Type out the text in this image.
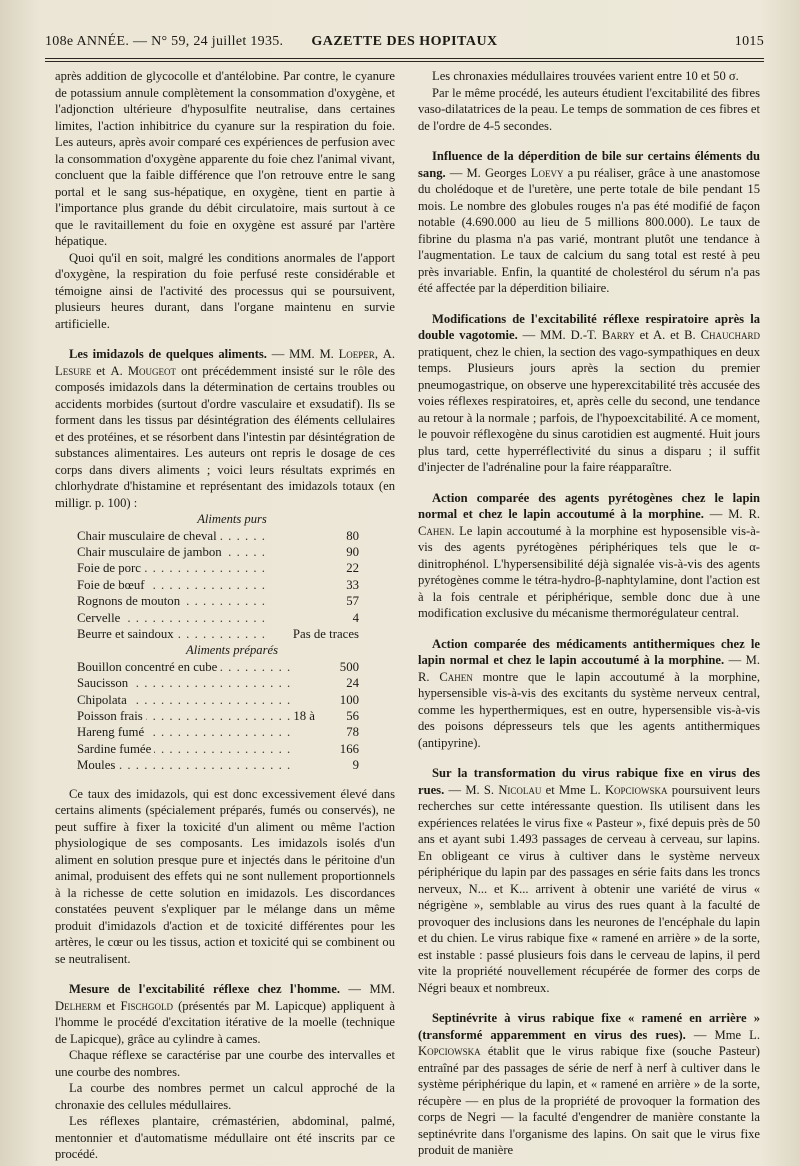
108e ANNÉE. — N° 59, 24 juillet 1935.	GAZETTE DES HOPITAUX	1015

après addition de glycocolle et d'antélobine. Par contre, le cyanure de potassium annule complètement la consommation d'oxygène, et l'adjonction ultérieure d'hyposulfite neutralise, dans certaines limites, l'action inhibitrice du cyanure sur la respiration du foie. Les auteurs, après avoir comparé ces expériences de perfusion avec la consommation d'oxygène apparente du foie chez l'animal vivant, concluent que la faible différence que l'on retrouve entre le sang portal et le sang sus-hépatique, en oxygène, tient en partie à l'importance plus grande du débit circulatoire, mais surtout à ce que le ravitaillement du foie en oxygène est assuré par l'artère hépatique.

Quoi qu'il en soit, malgré les conditions anormales de l'apport d'oxygène, la respiration du foie perfusé reste considérable et témoigne ainsi de l'activité des processus qui se poursuivent, plusieurs heures durant, dans l'organe maintenu en survie artificielle.

Les imidazols de quelques aliments. — MM. M. Loeper, A. Lesure et A. Mougeot ont précédemment insisté sur le rôle des composés imidazols dans la détermination de certains troubles ou accidents morbides (surtout d'ordre vasculaire et exsudatif). Ils se forment dans les tissus par désintégration des éléments cellulaires et des protéines, et se résorbent dans l'intestin par désintégration de substances alimentaires. Les auteurs ont repris le dosage de ces corps dans divers aliments ; voici leurs résultats exprimés en chlorhydrate d'histamine et représentant des imidazols totaux (en milligr. p. 100) :

Aliments purs

Chair musculaire de cheval . . .		80
Chair musculaire de jambon . . .		90
Foie de porc . . .		22
Foie de bœuf . . .		33
Rognons de mouton . . .		57
Cervelle . . .		4
Beurre et saindoux . . .		Pas de traces

Aliments préparés

Bouillon concentré en cube . . .		500
Saucisson . . .		24
Chipolata . . .		100
Poisson frais . . .	18 à	56
Hareng fumé . . .		78
Sardine fumée . . .		166
Moules . . .		9

Ce taux des imidazols, qui est donc excessivement élevé dans certains aliments (spécialement préparés, fumés ou conservés), ne peut suffire à fixer la toxicité d'un aliment ou même l'action physiologique de ses composants. Les imidazols isolés d'un aliment en solution presque pure et injectés dans le péritoine d'un animal, produisent des effets qui ne sont nullement proportionnels à la richesse de cette solution en imidazols. Les discordances constatées peuvent s'expliquer par le mélange dans un même produit d'imidazols d'action et de toxicité différentes pour les artères, le cœur ou les tissus, action et toxicité qui se combinent ou se neutralisent.

Mesure de l'excitabilité réflexe chez l'homme. — MM. Delherm et Fischgold (présentés par M. Lapicque) appliquent à l'homme le procédé d'excitation itérative de la moelle (technique de Lapicque), grâce au cylindre à cames.

Chaque réflexe se caractérise par une courbe des intervalles et une courbe des nombres.

La courbe des nombres permet un calcul approché de la chronaxie des cellules médullaires.

Les réflexes plantaire, crémastérien, abdominal, palmé, mentonnier et d'automatisme médullaire ont été inscrits par ce procédé.

Les chronaxies médullaires trouvées varient entre 10 et 50 σ.

Par le même procédé, les auteurs étudient l'excitabilité des fibres vaso-dilatatrices de la peau. Le temps de sommation de ces fibres et de l'ordre de 4-5 secondes.

Influence de la déperdition de bile sur certains éléments du sang. — M. Georges Loevy a pu réaliser, grâce à une anastomose du cholédoque et de l'uretère, une perte totale de bile pendant 15 mois. Le nombre des globules rouges n'a pas été modifié de façon notable (4.690.000 au lieu de 5 millions 800.000). Le taux de fibrine du plasma n'a pas varié, montrant plutôt une tendance à l'augmentation. Le taux de calcium du sang total est resté à peu près invariable. Enfin, la quantité de cholestérol du sérum n'a pas été affectée par la déperdition biliaire.

Modifications de l'excitabilité réflexe respiratoire après la double vagotomie. — MM. D.-T. Barry et A. et B. Chauchard pratiquent, chez le chien, la section des vago-sympathiques en deux temps. Plusieurs jours après la section du premier pneumogastrique, on observe une hyperexcitabilité très accusée des voies réflexes respiratoires, et, après celle du second, une tendance au retour à la normale ; parfois, de l'hypoexcitabilité. A ce moment, le pouvoir réflexogène du sinus carotidien est augmenté. Huit jours plus tard, cette hyperréflectivité du sinus a disparu ; il suffit d'injecter de l'adrénaline pour la faire réapparaître.

Action comparée des agents pyrétogènes chez le lapin normal et chez le lapin accoutumé à la morphine. — M. R. Cahen. Le lapin accoutumé à la morphine est hyposensible vis-à-vis des agents pyrétogènes périphériques tels que le α-dinitrophénol. L'hypersensibilité déjà signalée vis-à-vis des agents pyrétogènes comme le tétra-hydro-β-naphtylamine, dont l'action est à la fois centrale et périphérique, semble donc due à une modification exclusive du mécanisme thermorégulateur central.

Action comparée des médicaments antithermiques chez le lapin normal et chez le lapin accoutumé à la morphine. — M. R. Cahen montre que le lapin accoutumé à la morphine, hypersensible vis-à-vis des excitants du système nerveux central, comme les hyperthermiques, est en outre, hypersensible vis-à-vis des poisons dépresseurs tels que les agents antithermiques (antipyrine).

Sur la transformation du virus rabique fixe en virus des rues. — M. S. Nicolau et Mme L. Kopciowska poursuivent leurs recherches sur cette intéressante question. Ils utilisent dans les expériences relatées le virus fixe « Pasteur », fixé depuis près de 50 ans et ayant subi 1.493 passages de cerveau à cerveau, sur lapins. En obligeant ce virus à cultiver dans le système nerveux périphérique du lapin par des passages en série faits dans les troncs nerveux, N... et K... arrivent à obtenir une variété de virus « négrigène », semblable au virus des rues quant à la faculté de provoquer des inclusions dans les neurones de l'encéphale du lapin et du chien. Le virus rabique fixe « ramené en arrière » de la sorte, est instable : passé plusieurs fois dans le cerveau de lapins, il perd vite la propriété nouvellement récupérée de former des corps de Négri beaux et nombreux.

Septinévrite à virus rabique fixe « ramené en arrière » (transformé apparemment en virus des rues). — Mme L. Kopciowska établit que le virus rabique fixe (souche Pasteur) entraîné par des passages de série de nerf à nerf à cultiver dans le système périphérique du lapin, et « ramené en arrière » de la sorte, récupère — en plus de la propriété de provoquer la formation des corps de Negri — la faculté d'engendrer de manière constante la septinévrite dans l'organisme des lapins. On sait que le virus fixe produit de manière
